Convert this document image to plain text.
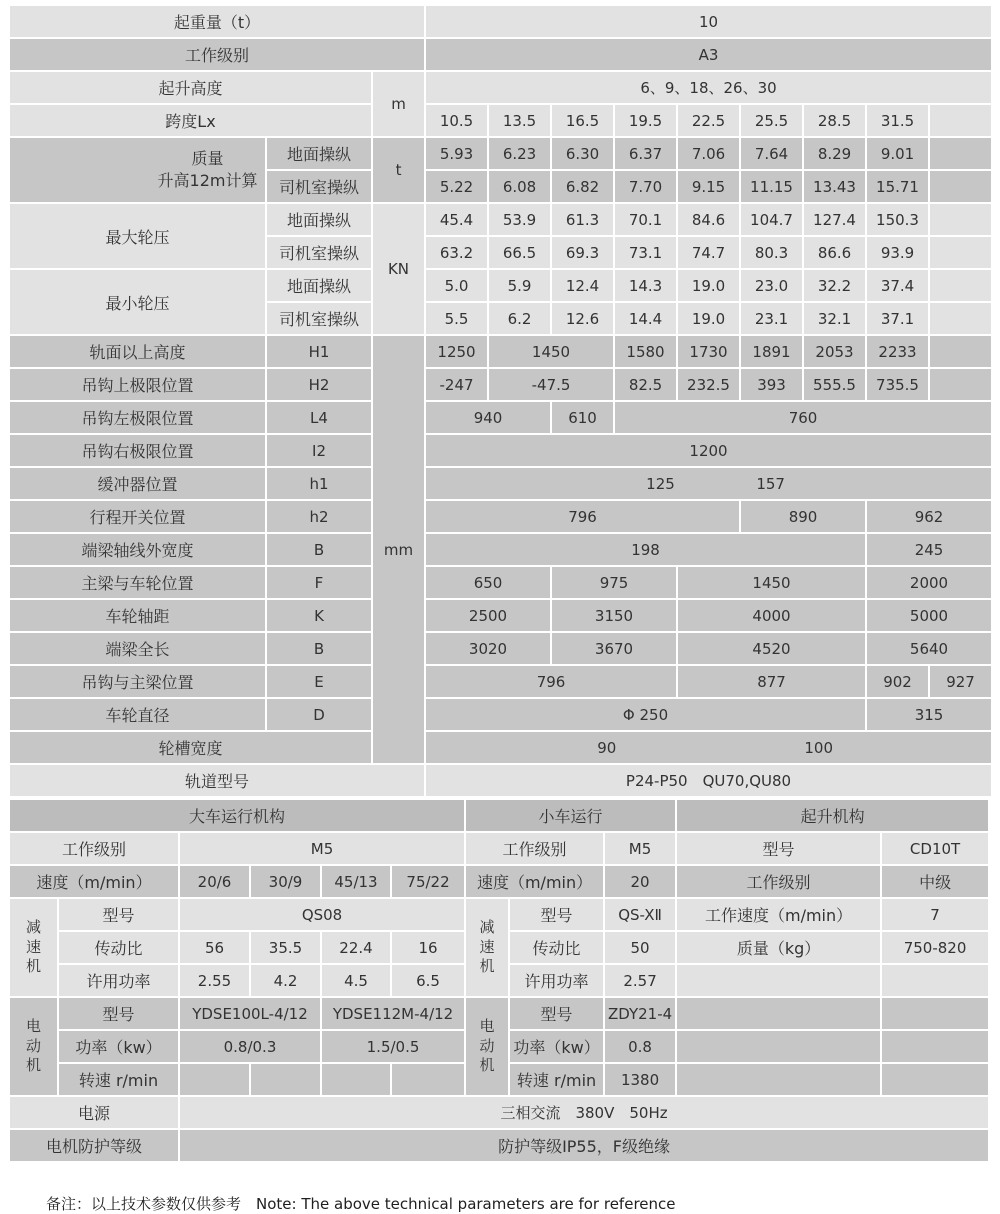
起重量（t）			10								
工作级别			A3								
起升高度		m	6、9、18、26、30								
跨度Lx			10.5	13.5	16.5	19.5	22.5	25.5	28.5	31.5	

质量
升高12m计算	地面操纵	t	5.93	6.23	6.30	6.37	7.06	7.64	8.29	9.01	
	司机室操纵		5.22	6.08	6.82	7.70	9.15	11.15	13.43	15.71	
最大轮压	地面操纵	KN	45.4	53.9	61.3	70.1	84.6	104.7	127.4	150.3	
	司机室操纵		63.2	66.5	69.3	73.1	74.7	80.3	86.6	93.9	
最小轮压	地面操纵		5.0	5.9	12.4	14.3	19.0	23.0	32.2	37.4	
	司机室操纵		5.5	6.2	12.6	14.4	19.0	23.1	32.1	37.1	
轨面以上高度	H1	mm	1250	1450		1580	1730	1891	2053	2233	
吊钩上极限位置	H2		-247	-47.5		82.5	232.5	393	555.5	735.5	
吊钩左极限位置	L4		940		610	760					
吊钩右极限位置	I2		1200								
缓冲器位置	h1		125 157								

行程开关位置	h2		796					890		962	
端梁轴线外宽度	B		198							245	
主梁与车轮位置	F		650		975		1450			2000	
车轮轴距	K		2500		3150		4000			5000	
端梁全长	B		3020		3670		4520			5640	
吊钩与主梁位置	E		796				877			902	927
车轮直径	D		Φ 250							315	
轮槽宽度			90 100								

轨道型号			P24-P50　QU70,QU80								
大车运行机构						小车运行			起升机构	
工作级别		M5				工作级别		M5	型号	CD10T
速度（m/min）		20/6	30/9	45/13	75/22	速度（m/min）		20	工作级别	中级
减速机	型号	QS08				减速机	型号	QS-XⅡ	工作速度（m/min）	7
	传动比	56	35.5	22.4	16		传动比	50	质量（kg）	750-820
	许用功率	2.55	4.2	4.5	6.5		许用功率	2.57		
电动机	型号	YDSE100L-4/12		YDSE112M-4/12		电动机	型号	ZDY21-4		
	功率（kw）	0.8/0.3		1.5/0.5			功率（kw）	0.8		
	转速 r/min						转速 r/min	1380		
电源		三相交流　380V　50Hz								
电机防护等级		防护等级IP55，F级绝缘								
备注：以上技术参数仅供参考　Note: The above technical parameters are for reference
